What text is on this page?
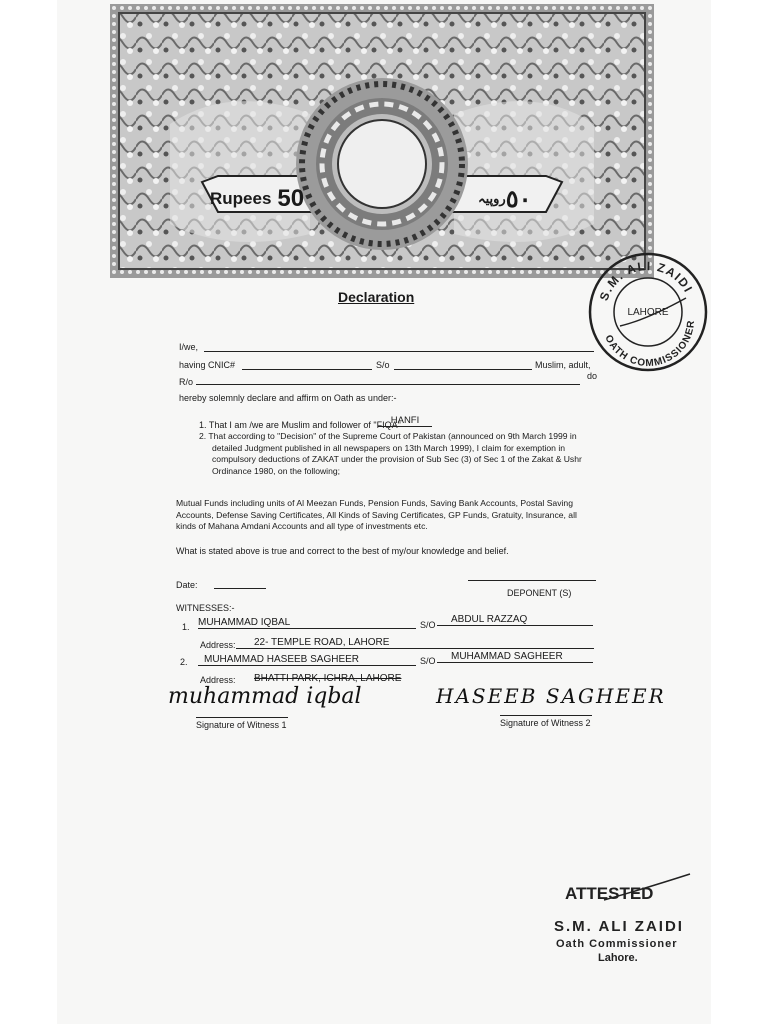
Rupees 50	٥٠
روپیہ
S.M. ALI ZAIDI
OATH COMMISSIONER
LAHORE
Declaration
I/we,
having CNIC#	S/o	Muslim, adult,
R/o
do
hereby solemnly declare and affirm on Oath as under:-
1. That I am /we are Muslim and follower of "FIQA"
HANFI
2. That according to "Decision" of the Supreme Court of Pakistan (announced on 9th March 1999 in
detailed Judgment published in all newspapers on 13th March 1999), I claim for exemption in
compulsory deductions of ZAKAT under the provision of Sub Sec (3) of Sec 1 of the Zakat & Ushr
Ordinance 1980, on the following;
Mutual Funds including units of Al Meezan Funds, Pension Funds, Saving Bank Accounts, Postal Saving
Accounts, Defense Saving Certificates, All Kinds of Saving Certificates, GP Funds, Gratuity, Insurance, all
kinds of Mahana Amdani Accounts and all type of investments etc.
What is stated above is true and correct to the best of my/our knowledge and belief.
Date:
DEPONENT (S)
WITNESSES:-
1. MUHAMMAD IQBAL	S/O	ABDUL RAZZAQ
Address:	22- TEMPLE ROAD, LAHORE
2.	MUHAMMAD HASEEB SAGHEER	S/O	MUHAMMAD SAGHEER
Address:	BHATTI PARK, ICHRA, LAHORE
muhammad iqbal
Signature of Witness 1
HASEEB SAGHEER
Signature of Witness 2
ATTESTED
S.M. ALI ZAIDI
Oath Commissioner
Lahore.
